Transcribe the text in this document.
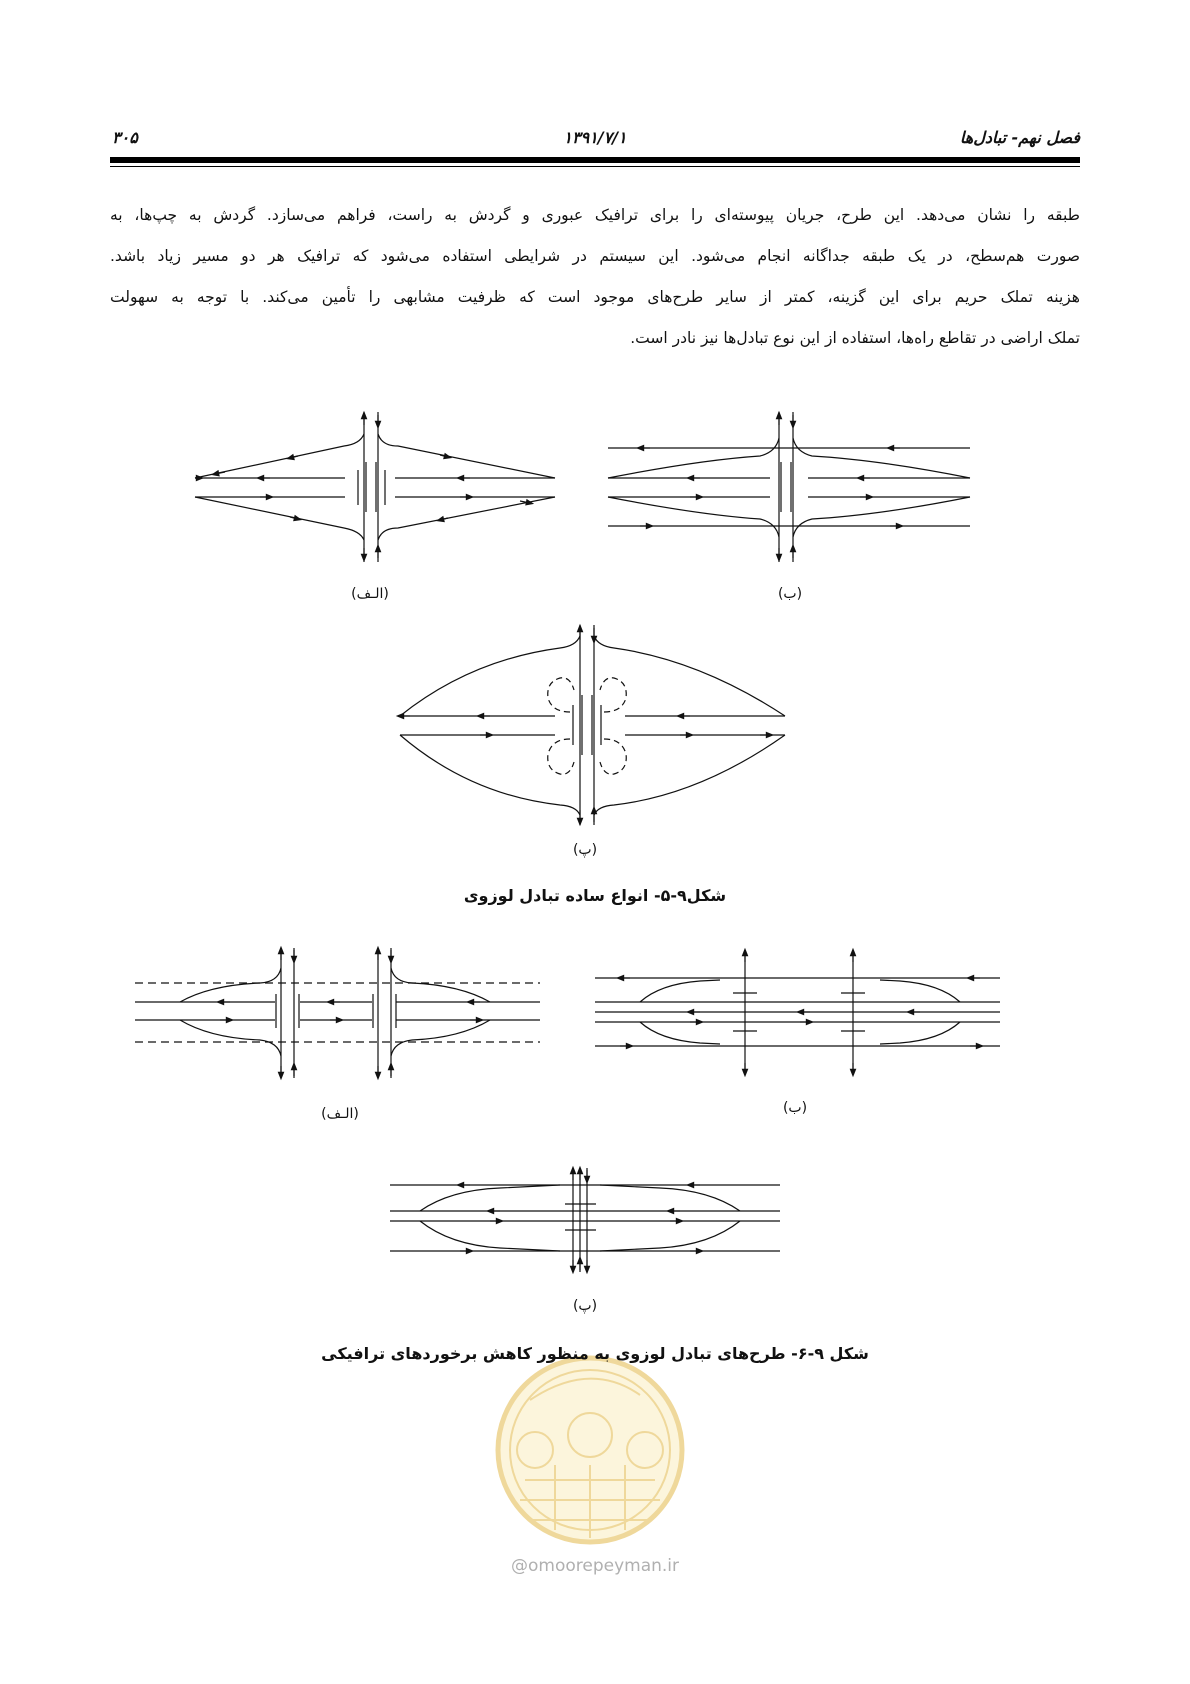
فصل نهم- تبادل‌ها
۱۳۹۱/۷/۱
۳۰۵
طبقه را نشان می‌دهد. این طرح، جریان پیوسته‌ای را برای ترافیک عبوری و گردش به راست، فراهم می‌سازد. گردش به چپ‌ها، به
صورت هم‌سطح، در یک طبقه جداگانه انجام می‌شود. این سیستم در شرایطی استفاده می‌شود که ترافیک هر دو مسیر زیاد باشد.
هزینه تملک حریم برای این گزینه، کمتر از سایر طرح‌های موجود است که ظرفیت مشابهی را تأمین می‌کند. با توجه به سهولت
تملک اراضی در تقاطع راه‌ها، استفاده از این نوع تبادل‌ها نیز نادر است.
(الـف)	(ب)
(پ)
شکل۹-۵- انواع ساده تبادل لوزوی
(الـف)	(ب)
(پ)
شکل ۹-۶- طرح‌های تبادل لوزوی به منظور کاهش برخوردهای ترافیکی
@omoorepeyman.ir
